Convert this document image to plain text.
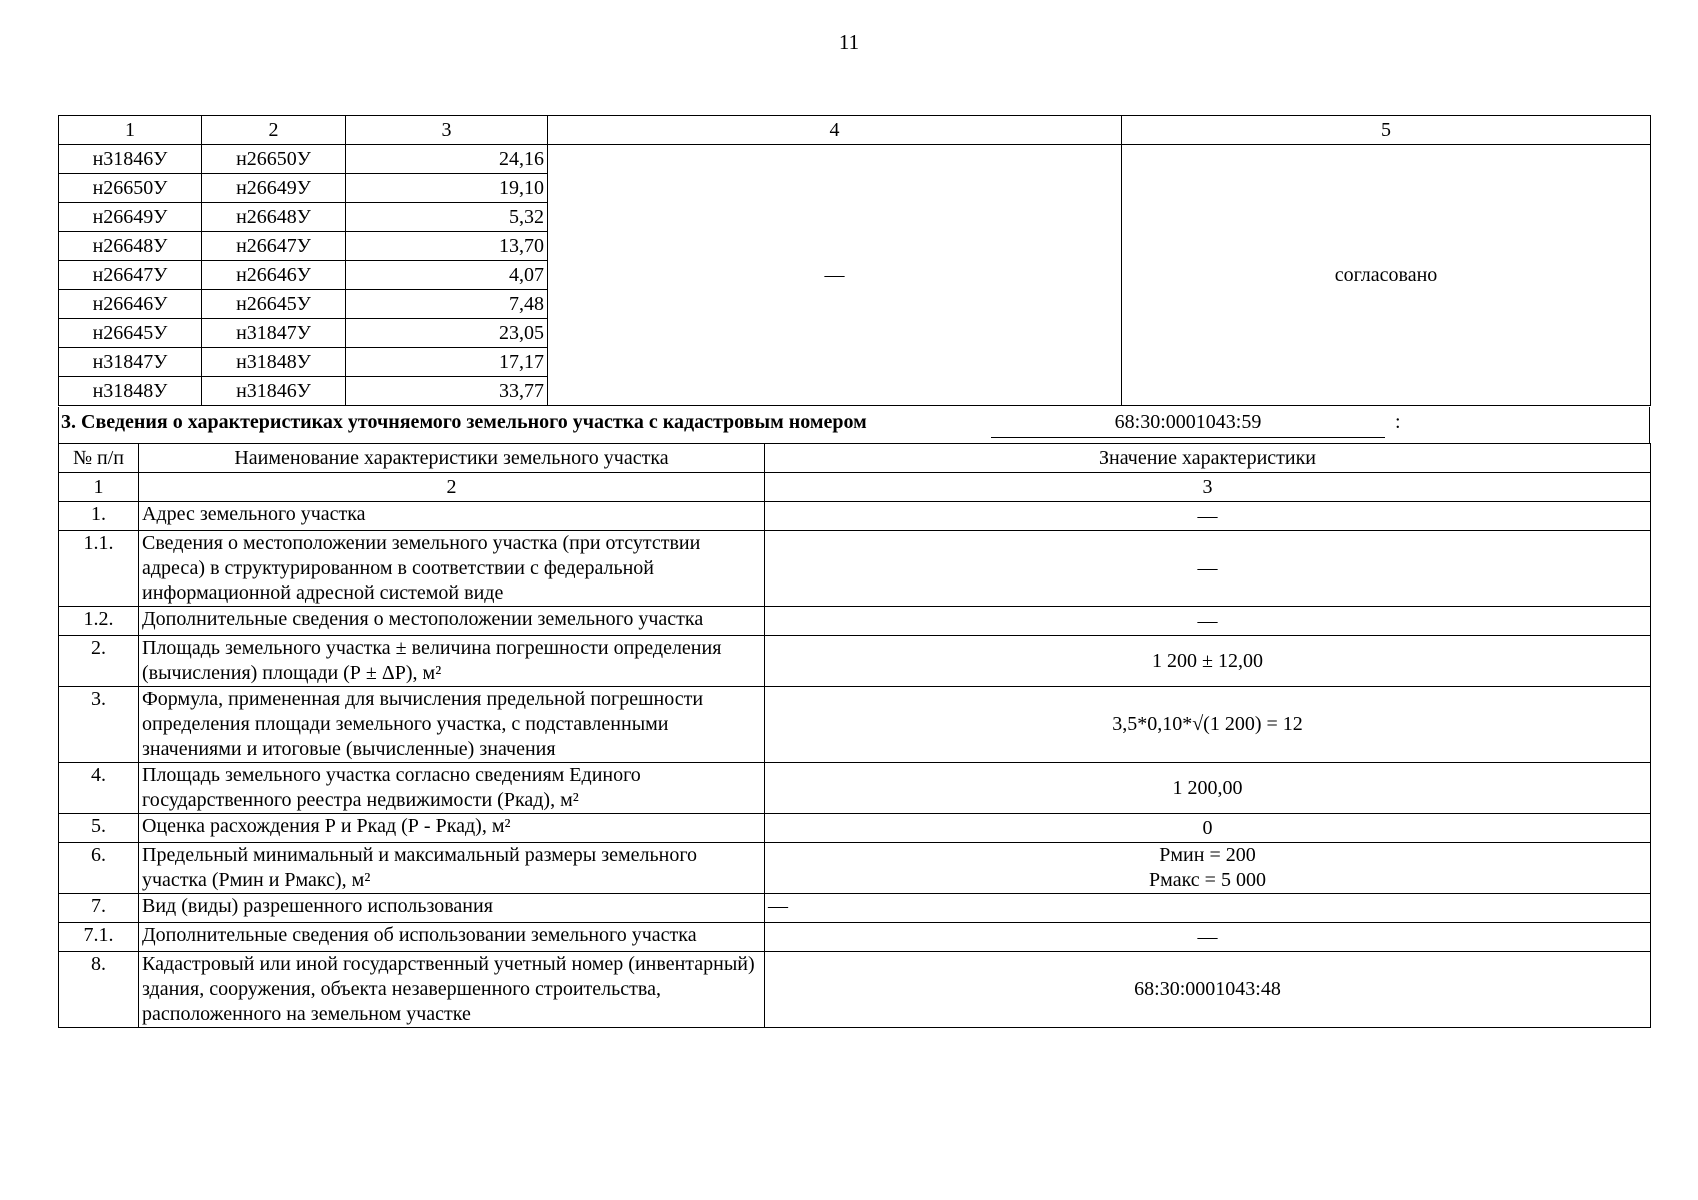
11
1	2	3	4	5
н31846У	н26650У	24,16	—	согласовано
н26650У	н26649У	19,10		
н26649У	н26648У	5,32		
н26648У	н26647У	13,70		
н26647У	н26646У	4,07		
н26646У	н26645У	7,48		
н26645У	н31847У	23,05		
н31847У	н31848У	17,17		
н31848У	н31846У	33,77		
3. Сведения о характеристиках уточняемого земельного участка с кадастровым номером	68:30:0001043:59	:
№ п/п	Наименование характеристики земельного участка	Значение характеристики
1	2	3
1.	Адрес земельного участка	—
1.1.	Сведения о местоположении земельного участка (при отсутствии адреса) в структурированном в соответствии с федеральной информационной адресной системой виде	—
1.2.	Дополнительные сведения о местоположении земельного участка	—
2.	Площадь земельного участка ± величина погрешности определения (вычисления) площади (Р ± ΔР), м²	1 200 ± 12,00
3.	Формула, примененная для вычисления предельной погрешности определения площади земельного участка, с подставленными значениями и итоговые (вычисленные) значения	3,5*0,10*√(1 200) = 12
4.	Площадь земельного участка согласно сведениям Единого государственного реестра недвижимости (Ркад), м²	1 200,00
5.	Оценка расхождения Р и Ркад (Р - Ркад), м²	0
6.	Предельный минимальный и максимальный размеры земельного участка (Рмин и Рмакс), м²	Рмин = 200
Рмакс = 5 000

7.	Вид (виды) разрешенного использования	—
7.1.	Дополнительные сведения об использовании земельного участка	—
8.	Кадастровый или иной государственный учетный номер (инвентарный) здания, сооружения, объекта незавершенного строительства, расположенного на земельном участке	68:30:0001043:48
